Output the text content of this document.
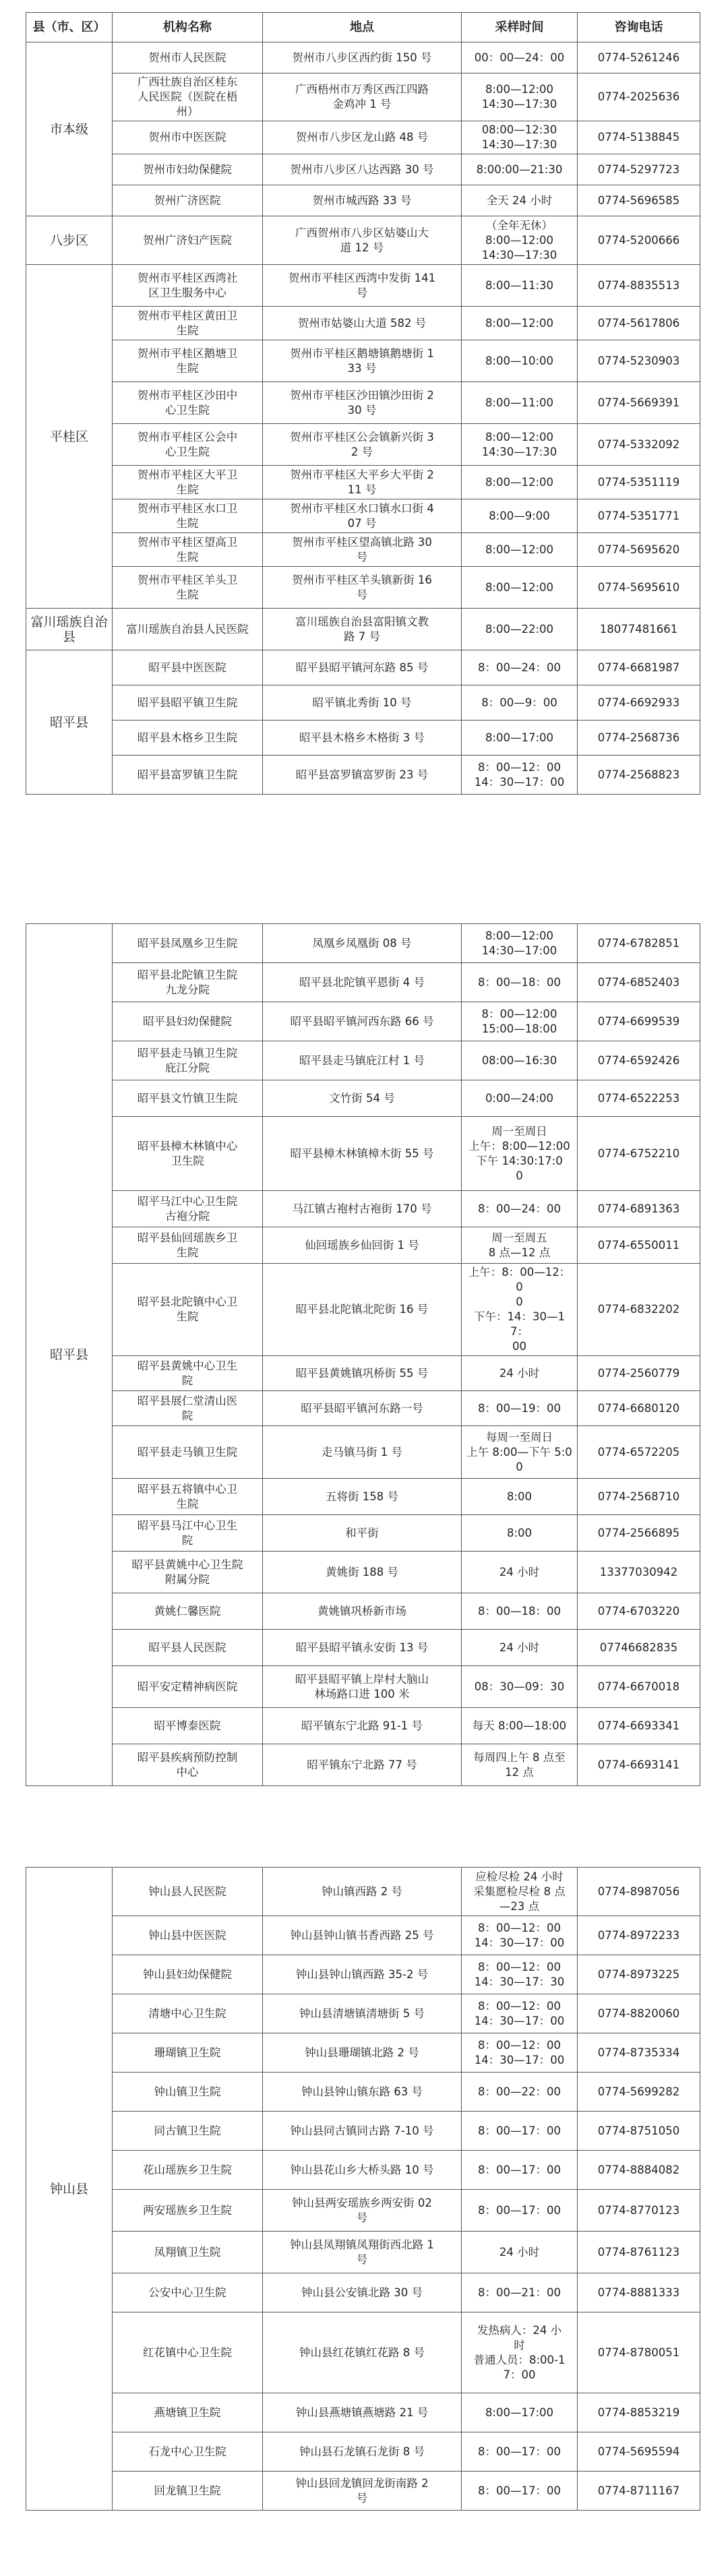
县（市、区）	机构名称	地点	采样时间	咨询电话
市本级	贺州市人民医院	贺州市八步区西约街 150 号	00：00—24：00	0774-5261246

	广西壮族自治区桂东
人民医院（医院在梧
州）	广西梧州市万秀区西江四路
金鸡冲 1 号	8:00—12:00
14:30—17:30	0774-2025636

	贺州市中医医院	贺州市八步区龙山路 48 号	08:00—12:30
14:30—17:30	0774-5138845

	贺州市妇幼保健院	贺州市八步区八达西路 30 号	8:00:00—21:30	0774-5297723

	贺州广济医院	贺州市城西路 33 号	全天 24 小时	0774-5696585
八步区	贺州广济妇产医院	广西贺州市八步区姑婆山大
道 12 号	（全年无休）
8:00—12:00
14:30—17:30	0774-5200666
平桂区	贺州市平桂区西湾社
区卫生服务中心	贺州市平桂区西湾中发街 141
号	8:00—11:30	0774-8835513

	贺州市平桂区黄田卫
生院	贺州市姑婆山大道 582 号	8:00—12:00	0774-5617806

	贺州市平桂区鹅塘卫
生院	贺州市平桂区鹅塘镇鹅塘街 1
33 号	8:00—10:00	0774-5230903

	贺州市平桂区沙田中
心卫生院	贺州市平桂区沙田镇沙田街 2
30 号	8:00—11:00	0774-5669391

	贺州市平桂区公会中
心卫生院	贺州市平桂区公会镇新兴街 3
2 号	8:00—12:00
14:30—17:30	0774-5332092

	贺州市平桂区大平卫
生院	贺州市平桂区大平乡大平街 2
11 号	8:00—12:00	0774-5351119

	贺州市平桂区水口卫
生院	贺州市平桂区水口镇水口街 4
07 号	8:00—9:00	0774-5351771

	贺州市平桂区望高卫
生院	贺州市平桂区望高镇北路 30
号	8:00—12:00	0774-5695620

	贺州市平桂区羊头卫
生院	贺州市平桂区羊头镇新街 16
号	8:00—12:00	0774-5695610
富川瑶族自治县	富川瑶族自治县人民医院	富川瑶族自治县富阳镇文教
路 7 号	8:00—22:00	18077481661
昭平县	昭平县中医医院	昭平县昭平镇河东路 85 号	8：00—24：00	0774-6681987

	昭平县昭平镇卫生院	昭平镇北秀街 10 号	8：00—9：00	0774-6692933

	昭平县木格乡卫生院	昭平县木格乡木格街 3 号	8:00—17:00	0774-2568736

	昭平县富罗镇卫生院	昭平县富罗镇富罗街 23 号	8：00—12：00
14：30—17：00	0774-2568823
昭平县	昭平县凤凰乡卫生院	凤凰乡凤凰街 08 号	8:00—12:00
14:30—17:00	0774-6782851

	昭平县北陀镇卫生院
九龙分院	昭平县北陀镇平恩街 4 号	8：00—18：00	0774-6852403

	昭平县妇幼保健院	昭平县昭平镇河西东路 66 号	8：00—12:00
15:00—18:00	0774-6699539

	昭平县走马镇卫生院
庇江分院	昭平县走马镇庇江村 1 号	08:00—16:30	0774-6592426

	昭平县文竹镇卫生院	文竹街 54 号	0:00—24:00	0774-6522253

	昭平县樟木林镇中心
卫生院	昭平县樟木林镇樟木街 55 号	周一至周日
上午：8:00—12:00
下午 14:30:17:0
0	0774-6752210

	昭平马江中心卫生院
古袍分院	马江镇古袍村古袍街 170 号	8：00—24：00	0774-6891363

	昭平县仙回瑶族乡卫
生院	仙回瑶族乡仙回街 1 号	周一至周五
8 点—12 点	0774-6550011

	昭平县北陀镇中心卫
生院	昭平县北陀镇北陀街 16 号	上午：8：00—12：0
0
下午：14：30—17：
00	0774-6832202

	昭平县黄姚中心卫生
院	昭平县黄姚镇巩桥街 55 号	24 小时	0774-2560779

	昭平县展仁堂清山医
院	昭平县昭平镇河东路一号	8：00—19：00	0774-6680120

	昭平县走马镇卫生院	走马镇马街 1 号	每周一至周日
上午 8:00—下午 5:0
0	0774-6572205

	昭平县五将镇中心卫
生院	五将街 158 号	8:00	0774-2568710

	昭平县马江中心卫生
院	和平街	8:00	0774-2566895

	昭平县黄姚中心卫生院
附属分院	黄姚街 188 号	24 小时	13377030942

	黄姚仁馨医院	黄姚镇巩桥新市场	8：00—18：00	0774-6703220

	昭平县人民医院	昭平县昭平镇永安街 13 号	24 小时	07746682835

	昭平安定精神病医院	昭平县昭平镇上岸村大脑山
林场路口进 100 米	08：30—09：30	0774-6670018

	昭平博泰医院	昭平镇东宁北路 91-1 号	每天 8:00—18:00	0774-6693341

	昭平县疾病预防控制
中心	昭平镇东宁北路 77 号	每周四上午 8 点至
12 点	0774-6693141
钟山县	钟山县人民医院	钟山镇西路 2 号	应检尽检 24 小时
采集愿检尽检 8 点
—23 点	0774-8987056

	钟山县中医医院	钟山县钟山镇书香西路 25 号	8：00—12：00
14：30—17：00	0774-8972233

	钟山县妇幼保健院	钟山县钟山镇西路 35-2 号	8：00—12：00
14：30—17：30	0774-8973225

	清塘中心卫生院	钟山县清塘镇清塘街 5 号	8：00—12：00
14：30—17：00	0774-8820060

	珊瑚镇卫生院	钟山县珊瑚镇北路 2 号	8：00—12：00
14：30—17：00	0774-8735334

	钟山镇卫生院	钟山县钟山镇东路 63 号	8：00—22：00	0774-5699282

	同古镇卫生院	钟山县同古镇同古路 7-10 号	8：00—17：00	0774-8751050

	花山瑶族乡卫生院	钟山县花山乡大桥头路 10 号	8：00—17：00	0774-8884082

	两安瑶族乡卫生院	钟山县两安瑶族乡两安街 02
号	8：00—17：00	0774-8770123

	凤翔镇卫生院	钟山县凤翔镇凤翔街西北路 1
号	24 小时	0774-8761123

	公安中心卫生院	钟山县公安镇北路 30 号	8：00—21：00	0774-8881333

	红花镇中心卫生院	钟山县红花镇红花路 8 号	发热病人：24 小
时
普通人员：8:00-1
7：00	0774-8780051

	燕塘镇卫生院	钟山县燕塘镇燕塘路 21 号	8:00—17:00	0774-8853219

	石龙中心卫生院	钟山县石龙镇石龙街 8 号	8：00—17：00	0774-5695594

	回龙镇卫生院	钟山县回龙镇回龙街南路 2
号	8：00—17：00	0774-8711167
